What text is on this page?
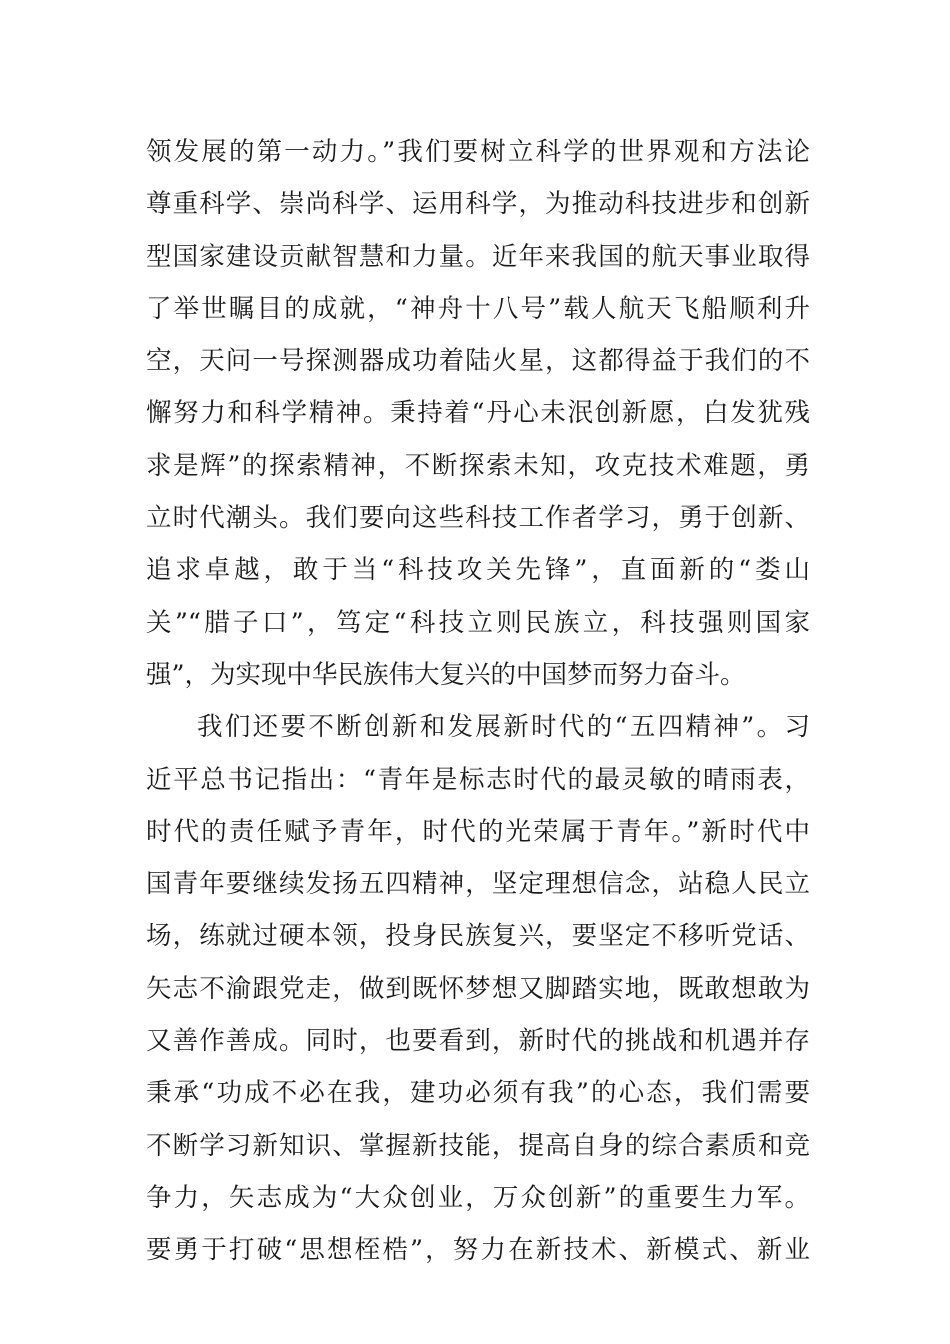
领发展的第一动力。”我们要树立科学的世界观和方法论
尊重科学、崇尚科学、运用科学，为推动科技进步和创新
型国家建设贡献智慧和力量。近年来我国的航天事业取得
了举世瞩目的成就，“神舟十八号”载人航天飞船顺利升
空，天问一号探测器成功着陆火星，这都得益于我们的不
懈努力和科学精神。秉持着“丹心未泯创新愿，白发犹残
求是辉”的探索精神，不断探索未知，攻克技术难题，勇
立时代潮头。我们要向这些科技工作者学习，勇于创新、
追求卓越，敢于当“科技攻关先锋”，直面新的“娄山
关”“腊子口”，笃定“科技立则民族立，科技强则国家
强”，为实现中华民族伟大复兴的中国梦而努力奋斗。
我们还要不断创新和发展新时代的“五四精神”。习
近平总书记指出：“青年是标志时代的最灵敏的晴雨表，
时代的责任赋予青年，时代的光荣属于青年。”新时代中
国青年要继续发扬五四精神，坚定理想信念，站稳人民立
场，练就过硬本领，投身民族复兴，要坚定不移听党话、
矢志不渝跟党走，做到既怀梦想又脚踏实地，既敢想敢为
又善作善成。同时，也要看到，新时代的挑战和机遇并存
秉承“功成不必在我，建功必须有我”的心态，我们需要
不断学习新知识、掌握新技能，提高自身的综合素质和竞
争力，矢志成为“大众创业，万众创新”的重要生力军。
要勇于打破“思想桎梏”，努力在新技术、新模式、新业
